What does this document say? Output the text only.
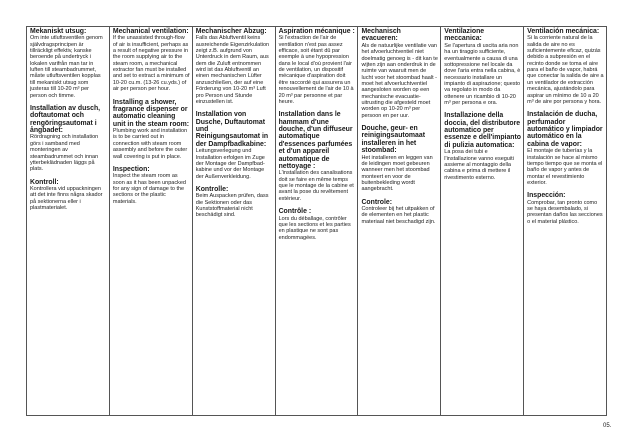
Mekaniskt utsug:

Om inte utluftsventilen genom självdragsprincipen är tillräckligt effektiv, kanske beroende på undertryck i lokalen varifrån man tar in luften till steambadrummet, måste utluftsventilen kopplas till mekaniskt utsug som justeras till 10-20 m³ per person och timme.

Installation av dusch, doftautomat och rengöringsautomat i ångbadet:

Rördragning och installation görs i samband med monteringen av steambadrummet och innan ytterbeklädnaden läggs på plats.

Kontroll:

Kontrollera vid uppackningen att det inte finns några skador på sektionerna eller i plastmaterialet.

Mechanical ventilation:

If the unassisted through-flow of air is insufficient, perhaps as a result of negative pressure in the room supplying air to the steam room, a mechanical extractor fan must be installed and set to extract a minimum of 10-20 cu.m. (13-26 cu.yds.) of air per person per hour.

Installing a shower, fragrance dispenser or automatic cleaning unit in the steam room:

Plumbing work and installation is to be carried out in connection with steam room assembly and before the outer wall covering is put in place.

Inspection:

Inspect the steam room as soon as it has been unpacked for any sign of damage to the sections or the plastic materials.

Mechanischer Abzug:

Falls das Abluftventil keins ausreichende Eigenzirkulation zeigt z.B. aufgrund von Unterdruck in dem Raum, aus dem die Zuluft entnommen wird ist das Abluftventil an einen mechanischen Lüfter anzuschließen, der auf eine Förderung von 10-20 m³ Luft pro Person und Stunde einzustellen ist.

Installation von Dusche, Duftautomat und Reinigungsautomat in der Dampfbadkabine:

Leitungsverlegung und Installation erfolgen im Zuge der Montage der Dampfbad-kabine und vor der Montage der Außenverkleidung.

Kontrolle:

Beim Auspacken prüfen, dass die Sektionen oder das Kunststoffmaterial nicht beschädigt sind.

Aspiration mécanique :

Si l'extraction de l'air de ventilation n'est pas assez efficace, soit étant dû par exemple à une hypopression dans le local d'où provient l'air de ventilation, un dispositif mécanique d'aspiration doit être raccordé qui assurera un renouvellement de l'air de 10 à 20 m³ par personne et par heure.

Installation dans le hammam d'une douche, d'un diffuseur automatique d'essences parfumées et d'un appareil automatique de nettoyage :

L'installation des canalisations doit se faire en même temps que le montage de la cabine et avant la pose du revêtement extérieur.

Contrôle :

Lors du déballage, contrôler que les sections et les parties en plastique ne sont pas endommagées.

Mechanisch evacueren:

Als de natuurlijke ventilatie van het afvoerluchtventiel niet doelmatig genoeg is - dit kan te wijten zijn aan onderdruk in de ruimte van waaruit men de lucht voor het stoombad haalt - moet het afvoerluchtventiel aangesloten worden op een mechanische evacuatie-uitrusting die afgesteld moet worden op 10-20 m³ per persoon en per uur.

Douche, geur- en reinigingsautomaat installeren in het stoombad:

Het installeren en leggen van de leidingen moet gebeuren wanneer men het stoombad monteert en voor de buitenbekleding wordt aangebracht.

Controle:

Controleer bij het uitpakken of de elementen en het plastic materiaal niet beschadigd zijn.

Ventilazione meccanica:

Se l'apertura di uscita aria non ha un tiraggio sufficiente, eventualmente a causa di una sottopressione nel locale da dove l'aria entra nella cabina, è necessario installare un impianto di aspirazione; questo va regolato in modo da ottenere un ricambio di 10-20 m³ per persona e ora.

Installazione della doccia, del distributore automatico per essenze e dell'impianto di pulizia automatica:

La posa dei tubi e l'installazione vanno eseguiti assieme al montaggio della cabina e prima di mettere il rivestimento esterno.

Ventilación mecánica:

Si la corriente natural de la salida de aire no es suficientemente eficaz, quizás debido a subpresión en el recinto donde se toma el aire para el baño de vapor, habrá que conectar la salida de aire a un ventilador de extracción mecánica, ajustándolo para aspirar un mínimo de 10 a 20 m³ de aire por persona y hora.

Instalación de ducha, perfumador automático y limpiador automático en la cabina de vapor:

El montaje de tuberías y la instalación se hace al mismo tiempo tiempo que se monta el baño de vapor y antes de montar el revestimiento exterior.

Inspección:

Comprobar, tan pronto como se haya desembalado, si presentan daños las secciones o el material plástico.

05.
